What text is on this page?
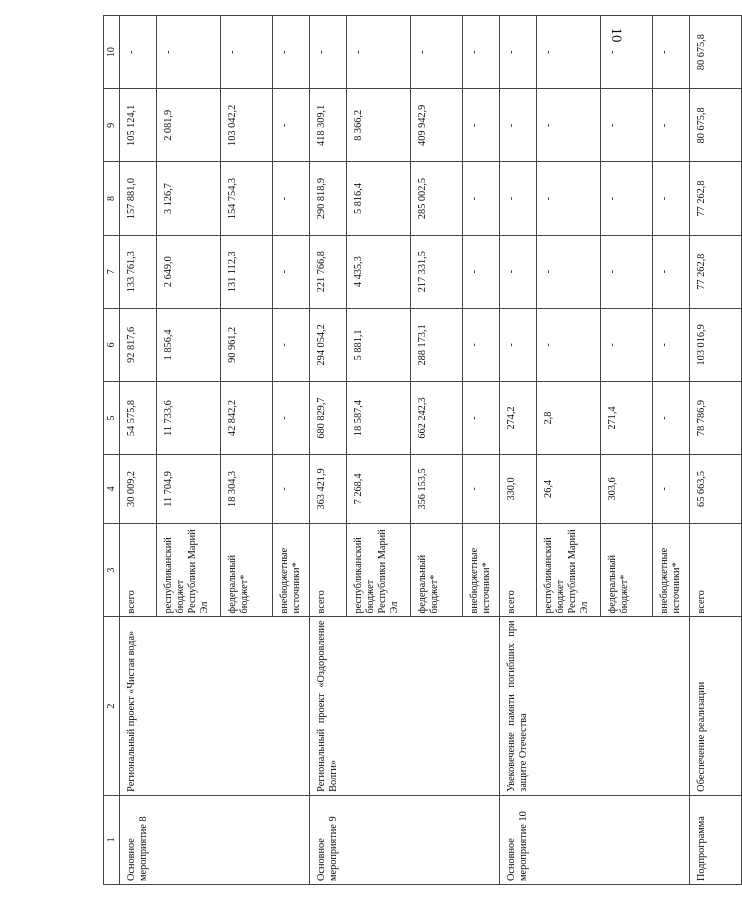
10
1	2	3	4	5	6	7	8	9	10
Основное мероприятие 8	Региональный проект «Чистая вода»	всего	30 009,2	54 575,8	92 817,6	133 761,3	157 881,0	105 124,1	-
		республиканский бюджет Республики Марий Эл	11 704,9	11 733,6	1 856,4	2 649,0	3 126,7	2 081,9	-
		федеральный бюджет*	18 304,3	42 842,2	90 961,2	131 112,3	154 754,3	103 042,2	-
		внебюджетные источники*	-	-	-	-	-	-	-
Основное мероприятие 9	Региональный проект «Оздоровление Волги»	всего	363 421,9	680 829,7	294 054,2	221 766,8	290 818,9	418 309,1	-
		республиканский бюджет Республики Марий Эл	7 268,4	18 587,4	5 881,1	4 435,3	5 816,4	8 366,2	-
		федеральный бюджет*	356 153,5	662 242,3	288 173,1	217 331,5	285 002,5	409 942,9	-
		внебюджетные источники*	-	-	-	-	-	-	-
Основное мероприятие 10	Увековечение памяти погибших при защите Отечества	всего	330,0	274,2	-	-	-	-	-
		республиканский бюджет Республики Марий Эл	26,4	2,8	-	-	-	-	-
		федеральный бюджет*	303,6	271,4	-	-	-	-	-
		внебюджетные источники*	-	-	-	-	-	-	-
Подпрограмма	Обеспечение реализации	всего	65 663,5	78 786,9	103 016,9	77 262,8	77 262,8	80 675,8	80 675,8
